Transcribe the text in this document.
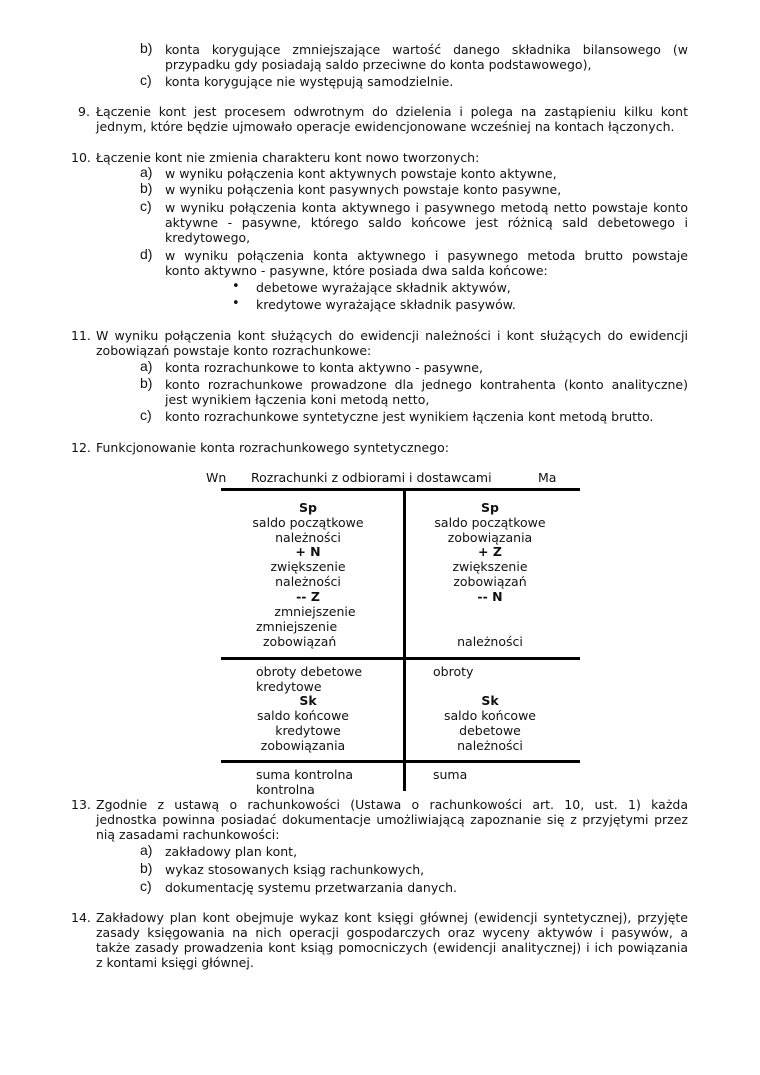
b) konta korygujące zmniejszające wartość danego składnika bilansowego (w
przypadku gdy posiadają saldo przeciwne do konta podstawowego),
c) konta korygujące nie występują samodzielnie.
9. Łączenie kont jest procesem odwrotnym do dzielenia i polega na zastąpieniu kilku kont
jednym, które będzie ujmowało operacje ewidencjonowane wcześniej na kontach łączonych.
10. Łączenie kont nie zmienia charakteru kont nowo tworzonych:
a) w wyniku połączenia kont aktywnych powstaje konto aktywne,
b) w wyniku połączenia kont pasywnych powstaje konto pasywne,
c) w wyniku połączenia konta aktywnego i pasywnego metodą netto powstaje konto
aktywne - pasywne, którego saldo końcowe jest różnicą sald debetowego i
kredytowego,
d) w wyniku połączenia konta aktywnego i pasywnego metoda brutto powstaje
konto aktywno - pasywne, które posiada dwa salda końcowe:
• debetowe wyrażające składnik aktywów,
• kredytowe wyrażające składnik pasywów.
11. W wyniku połączenia kont służących do ewidencji należności i kont służących do ewidencji
zobowiązań powstaje konto rozrachunkowe:
a) konta rozrachunkowe to konta aktywno - pasywne,
b) konto rozrachunkowe prowadzone dla jednego kontrahenta (konto analityczne)
jest wynikiem łączenia koni metodą netto,
c) konto rozrachunkowe syntetyczne jest wynikiem łączenia kont metodą brutto.
12. Funkcjonowanie konta rozrachunkowego syntetycznego:
Wn Rozrachunki z odbiorami i dostawcami	Ma
Sp
saldo początkowe
należności
+ N
zwiększenie
należności
-- Z
zmniejszenie
zmniejszenie
zobowiązań
obroty debetowe
kredytowe
Sk
saldo końcowe
kredytowe
zobowiązania
suma kontrolna
kontrolna
Sp
saldo początkowe
zobowiązania
+ Z
zwiększenie
zobowiązań
-- N
należności
obroty
Sk
saldo końcowe
debetowe
należności
suma
13. Zgodnie z ustawą o rachunkowości (Ustawa o rachunkowości art. 10, ust. 1) każda
jednostka powinna posiadać dokumentacje umożliwiającą zapoznanie się z przyjętymi przez
nią zasadami rachunkowości:
a) zakładowy plan kont,
b) wykaz stosowanych ksiąg rachunkowych,
c) dokumentację systemu przetwarzania danych.
14. Zakładowy plan kont obejmuje wykaz kont księgi głównej (ewidencji syntetycznej), przyjęte
zasady księgowania na nich operacji gospodarczych oraz wyceny aktywów i pasywów, a
także zasady prowadzenia kont ksiąg pomocniczych (ewidencji analitycznej) i ich powiązania
z kontami księgi głównej.
